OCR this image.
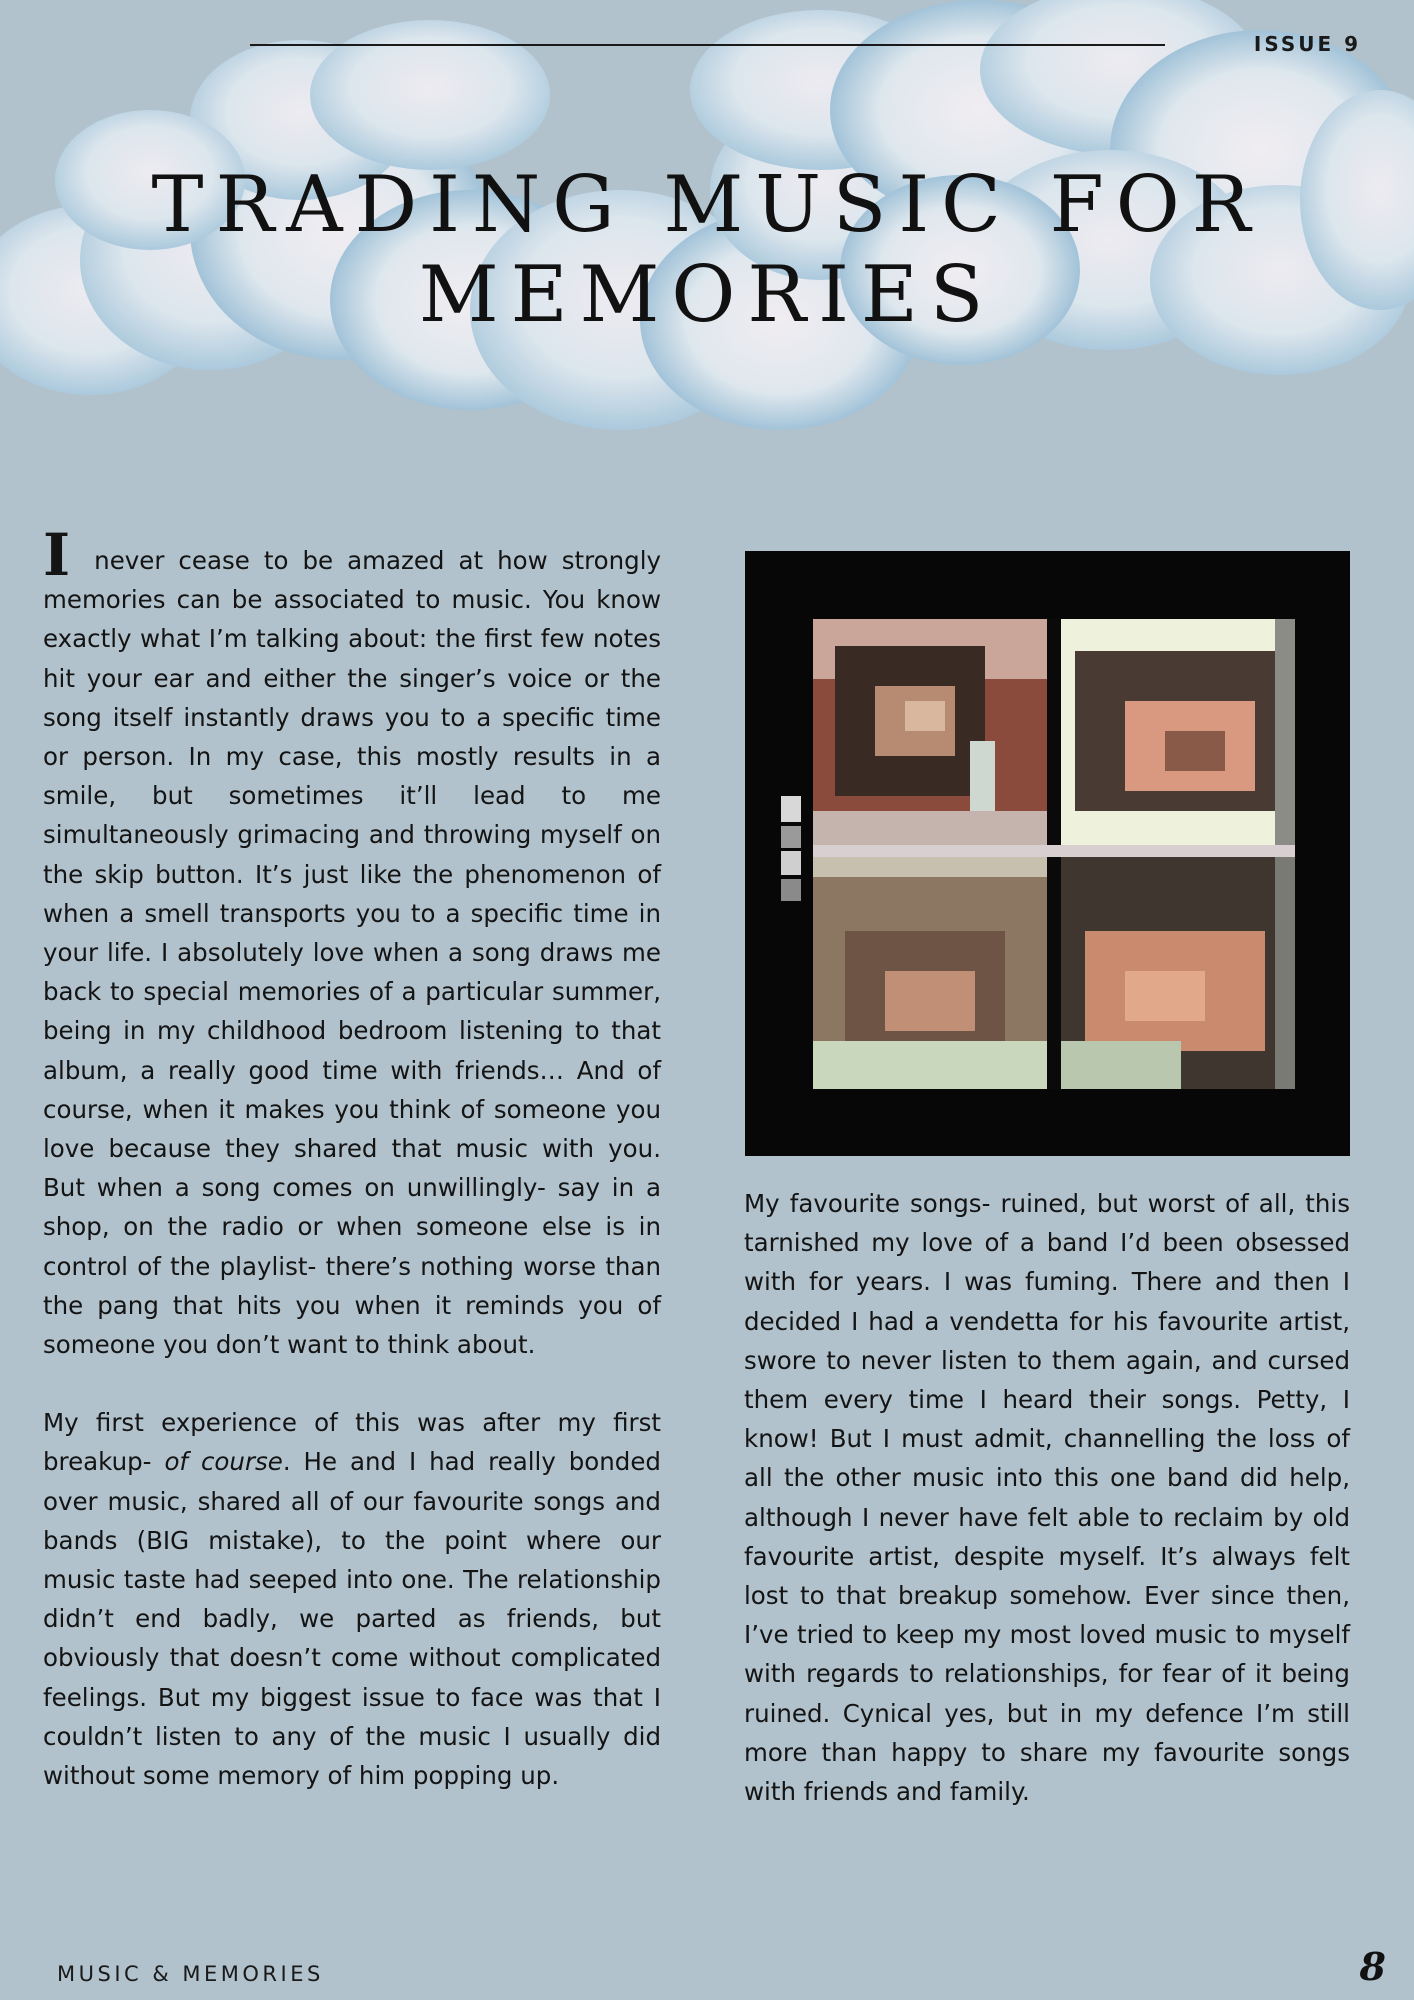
ISSUE 9
TRADING MUSIC FOR
MEMORIES

I never cease to be amazed at how strongly memories can be associated to music. You know exactly what I’m talking about: the first few notes hit your ear and either the singer’s voice or the song itself instantly draws you to a specific time or person. In my case, this mostly results in a smile, but sometimes it’ll lead to me simultaneously grimacing and throwing myself on the skip button. It’s just like the phenomenon of when a smell transports you to a specific time in your life. I absolutely love when a song draws me back to special memories of a particular summer, being in my childhood bedroom listening to that album, a really good time with friends… And of course, when it makes you think of someone you love because they shared that music with you. But when a song comes on unwillingly- say in a shop, on the radio or when someone else is in control of the playlist- there’s nothing worse than the pang that hits you when it reminds you of someone you don’t want to think about.

My first experience of this was after my first breakup- of course. He and I had really bonded over music, shared all of our favourite songs and bands (BIG mistake), to the point where our music taste had seeped into one. The relationship didn’t end badly, we parted as friends, but obviously that doesn’t come without complicated feelings. But my biggest issue to face was that I couldn’t listen to any of the music I usually did without some memory of him popping up.

My favourite songs- ruined, but worst of all, this tarnished my love of a band I’d been obsessed with for years. I was fuming. There and then I decided I had a vendetta for his favourite artist, swore to never listen to them again, and cursed them every time I heard their songs. Petty, I know! But I must admit, channelling the loss of all the other music into this one band did help, although I never have felt able to reclaim by old favourite artist, despite myself. It’s always felt lost to that breakup somehow. Ever since then, I’ve tried to keep my most loved music to myself with regards to relationships, for fear of it being ruined. Cynical yes, but in my defence I’m still more than happy to share my favourite songs with friends and family.

MUSIC & MEMORIES	8
